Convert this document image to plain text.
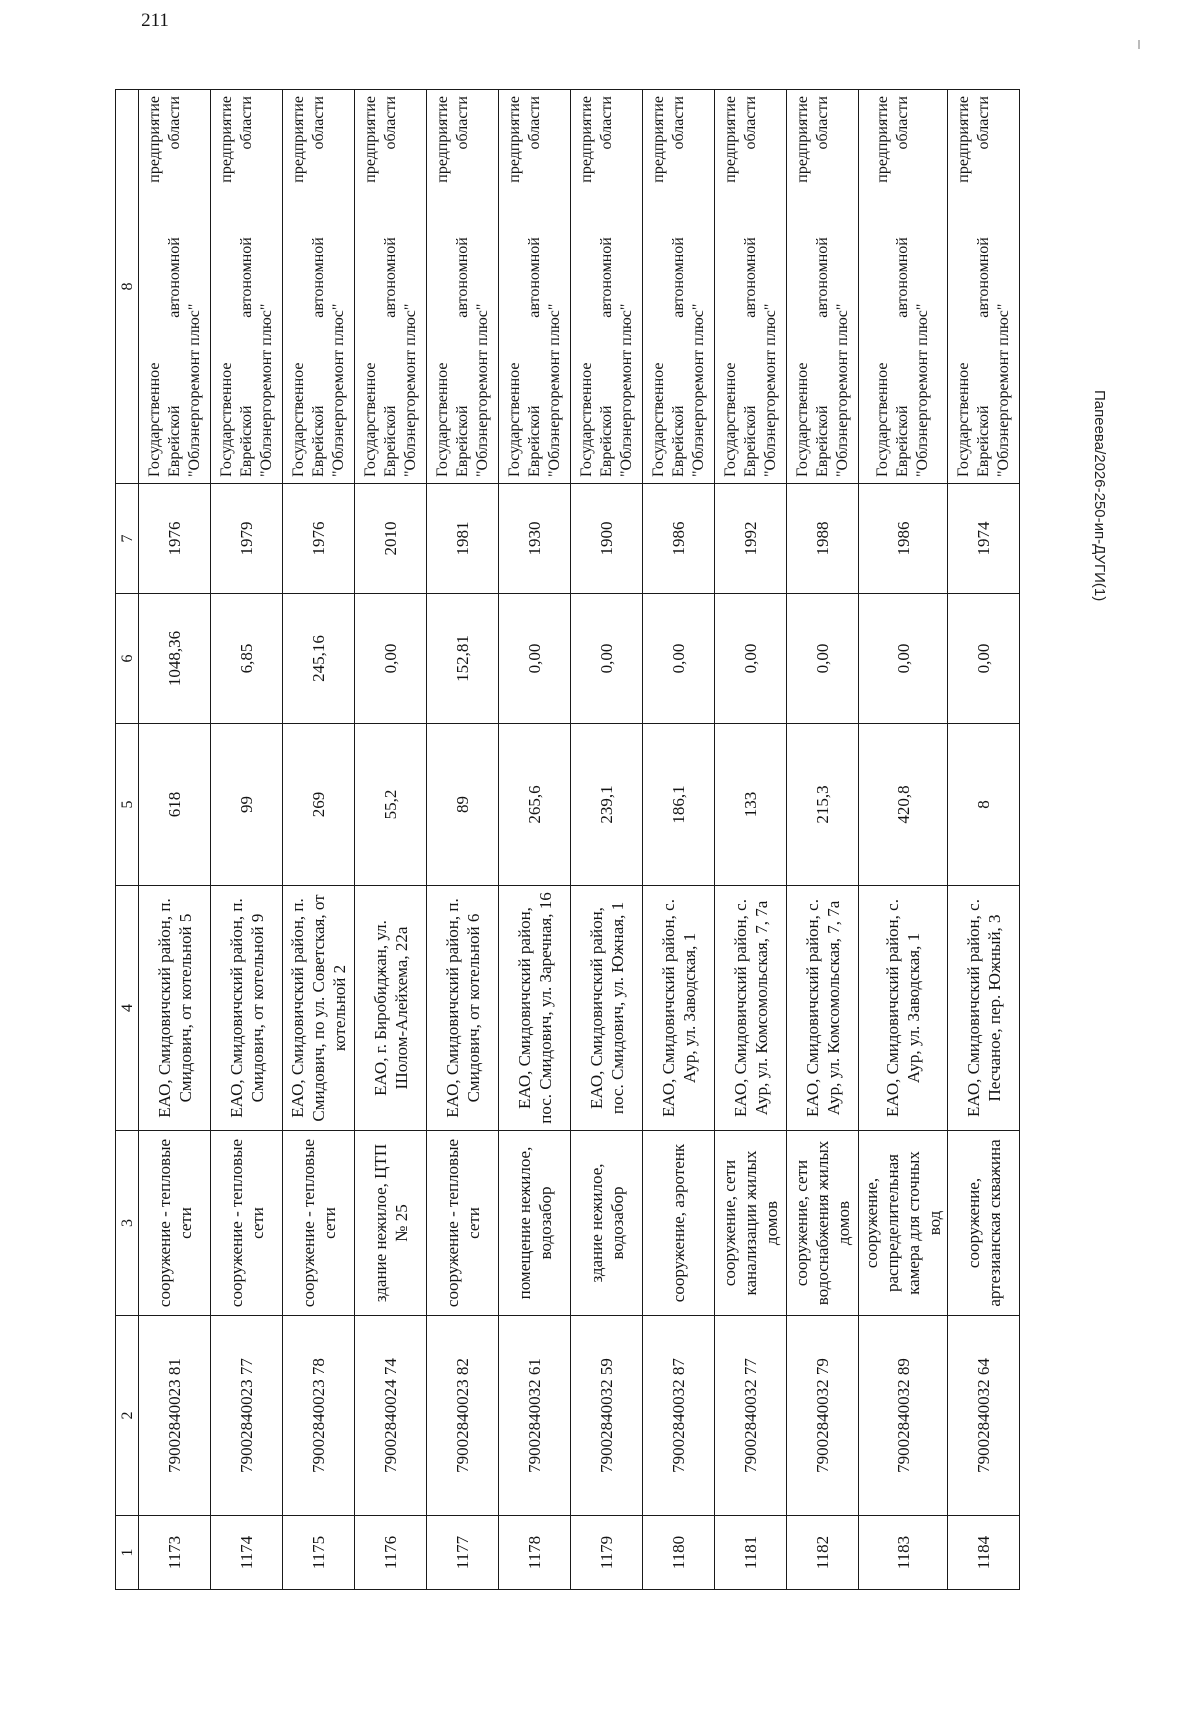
1	2	3	4	5	6	7	8
1173	79002840023 81	сооружение - тепловые сети	ЕАО, Смидовичский район, п. Смидович, от котельной 5	618	1048,36	1976	Государственное предприятие Еврейской автономной области "Облэнергоремонт плюс"

1174	79002840023 77	сооружение - тепловые сети	ЕАО, Смидовичский район, п. Смидович, от котельной 9	99	6,85	1979	Государственное предприятие Еврейской автономной области "Облэнергоремонт плюс"

1175	79002840023 78	сооружение - тепловые сети	ЕАО, Смидовичский район, п. Смидович, по ул. Советская, от котельной 2	269	245,16	1976	Государственное предприятие Еврейской автономной области "Облэнергоремонт плюс"

1176	79002840024 74	здание нежилое, ЦТП № 25	ЕАО, г. Биробиджан, ул. Шолом-Алейхема, 22а	55,2	0,00	2010	Государственное предприятие Еврейской автономной области "Облэнергоремонт плюс"

1177	79002840023 82	сооружение - тепловые сети	ЕАО, Смидовичский район, п. Смидович, от котельной 6	89	152,81	1981	Государственное предприятие Еврейской автономной области "Облэнергоремонт плюс"

1178	79002840032 61	помещение нежилое, водозабор	ЕАО, Смидовичский район, пос. Смидович, ул. Заречная, 16	265,6	0,00	1930	Государственное предприятие Еврейской автономной области "Облэнергоремонт плюс"

1179	79002840032 59	здание нежилое, водозабор	ЕАО, Смидовичский район, пос. Смидович, ул. Южная, 1	239,1	0,00	1900	Государственное предприятие Еврейской автономной области "Облэнергоремонт плюс"

1180	79002840032 87	сооружение, аэротенк	ЕАО, Смидовичский район, с. Аур, ул. Заводская, 1	186,1	0,00	1986	Государственное предприятие Еврейской автономной области "Облэнергоремонт плюс"

1181	79002840032 77	сооружение, сети канализации жилых домов	ЕАО, Смидовичский район, с. Аур, ул. Комсомольская, 7, 7а	133	0,00	1992	Государственное предприятие Еврейской автономной области "Облэнергоремонт плюс"

1182	79002840032 79	сооружение, сети водоснабжения жилых домов	ЕАО, Смидовичский район, с. Аур, ул. Комсомольская, 7, 7а	215,3	0,00	1988	Государственное предприятие Еврейской автономной области "Облэнергоремонт плюс"

1183	79002840032 89	сооружение, распределительная камера для сточных вод	ЕАО, Смидовичский район, с. Аур, ул. Заводская, 1	420,8	0,00	1986	Государственное предприятие Еврейской автономной области "Облэнергоремонт плюс"

1184	79002840032 64	сооружение, артезианская скважина	ЕАО, Смидовичский район, с. Песчаное, пер. Южный, 3	8	0,00	1974	Государственное предприятие Еврейской автономной области "Облэнергоремонт плюс"
211
Папеева/2026-250-ип-ДУГИ(1)
